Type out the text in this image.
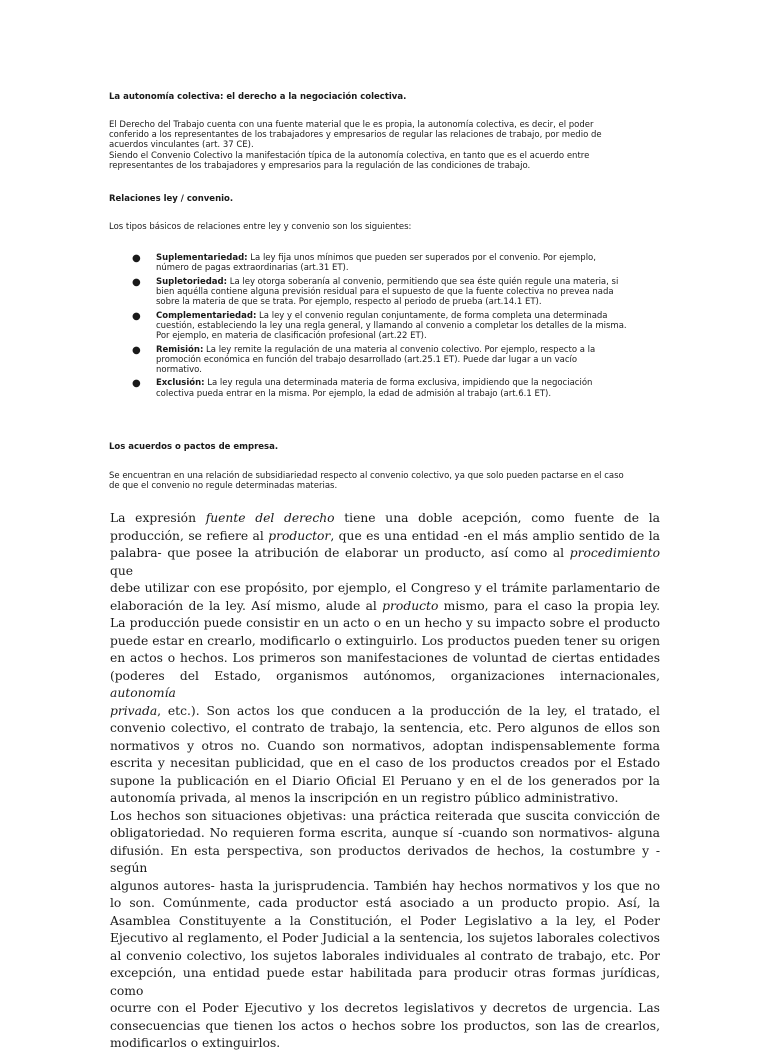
La autonomía colectiva: el derecho a la negociación colectiva.
El Derecho del Trabajo cuenta con una fuente material que le es propia, la autonomía colectiva, es decir, el poder
conferido a los representantes de los trabajadores y empresarios de regular las relaciones de trabajo, por medio de
acuerdos vinculantes (art. 37 CE).
Siendo el Convenio Colectivo la manifestación típica de la autonomía colectiva, en tanto que es el acuerdo entre
representantes de los trabajadores y empresarios para la regulación de las condiciones de trabajo.
Relaciones ley / convenio.
Los tipos básicos de relaciones entre ley y convenio son los siguientes:
● Suplementariedad: La ley fija unos mínimos que pueden ser superados por el convenio. Por ejemplo,
número de pagas extraordinarias (art.31 ET).
● Supletoriedad: La ley otorga soberanía al convenio, permitiendo que sea éste quién regule una materia, si
bien aquélla contiene alguna previsión residual para el supuesto de que la fuente colectiva no prevea nada
sobre la materia de que se trata. Por ejemplo, respecto al periodo de prueba (art.14.1 ET).
● Complementariedad: La ley y el convenio regulan conjuntamente, de forma completa una determinada
cuestión, estableciendo la ley una regla general, y llamando al convenio a completar los detalles de la misma.
Por ejemplo, en materia de clasificación profesional (art.22 ET).
● Remisión: La ley remite la regulación de una materia al convenio colectivo. Por ejemplo, respecto a la
promoción económica en función del trabajo desarrollado (art.25.1 ET). Puede dar lugar a un vacío
normativo.
● Exclusión: La ley regula una determinada materia de forma exclusiva, impidiendo que la negociación
colectiva pueda entrar en la misma. Por ejemplo, la edad de admisión al trabajo (art.6.1 ET).
Los acuerdos o pactos de empresa.
Se encuentran en una relación de subsidiariedad respecto al convenio colectivo, ya que solo pueden pactarse en el caso
de que el convenio no regule determinadas materias.
La expresión fuente del derecho tiene una doble acepción, como fuente de la
producción, se refiere al productor, que es una entidad -en el más amplio sentido de la
palabra- que posee la atribución de elaborar un producto, así como al procedimiento que
debe utilizar con ese propósito, por ejemplo, el Congreso y el trámite parlamentario de
elaboración de la ley. Así mismo, alude al producto mismo, para el caso la propia ley.
La producción puede consistir en un acto o en un hecho y su impacto sobre el producto
puede estar en crearlo, modificarlo o extinguirlo. Los productos pueden tener su origen
en actos o hechos. Los primeros son manifestaciones de voluntad de ciertas entidades
(poderes del Estado, organismos autónomos, organizaciones internacionales, autonomía
privada, etc.). Son actos los que conducen a la producción de la ley, el tratado, el
convenio colectivo, el contrato de trabajo, la sentencia, etc. Pero algunos de ellos son
normativos y otros no. Cuando son normativos, adoptan indispensablemente forma
escrita y necesitan publicidad, que en el caso de los productos creados por el Estado
supone la publicación en el Diario Oficial El Peruano y en el de los generados por la
autonomía privada, al menos la inscripción en un registro público administrativo.
Los hechos son situaciones objetivas: una práctica reiterada que suscita convicción de
obligatoriedad. No requieren forma escrita, aunque sí -cuando son normativos- alguna
difusión. En esta perspectiva, son productos derivados de hechos, la costumbre y -según
algunos autores- hasta la jurisprudencia. También hay hechos normativos y los que no
lo son. Comúnmente, cada productor está asociado a un producto propio. Así, la
Asamblea Constituyente a la Constitución, el Poder Legislativo a la ley, el Poder
Ejecutivo al reglamento, el Poder Judicial a la sentencia, los sujetos laborales colectivos
al convenio colectivo, los sujetos laborales individuales al contrato de trabajo, etc. Por
excepción, una entidad puede estar habilitada para producir otras formas jurídicas, como
ocurre con el Poder Ejecutivo y los decretos legislativos y decretos de urgencia. Las
consecuencias que tienen los actos o hechos sobre los productos, son las de crearlos,
modificarlos o extinguirlos.
